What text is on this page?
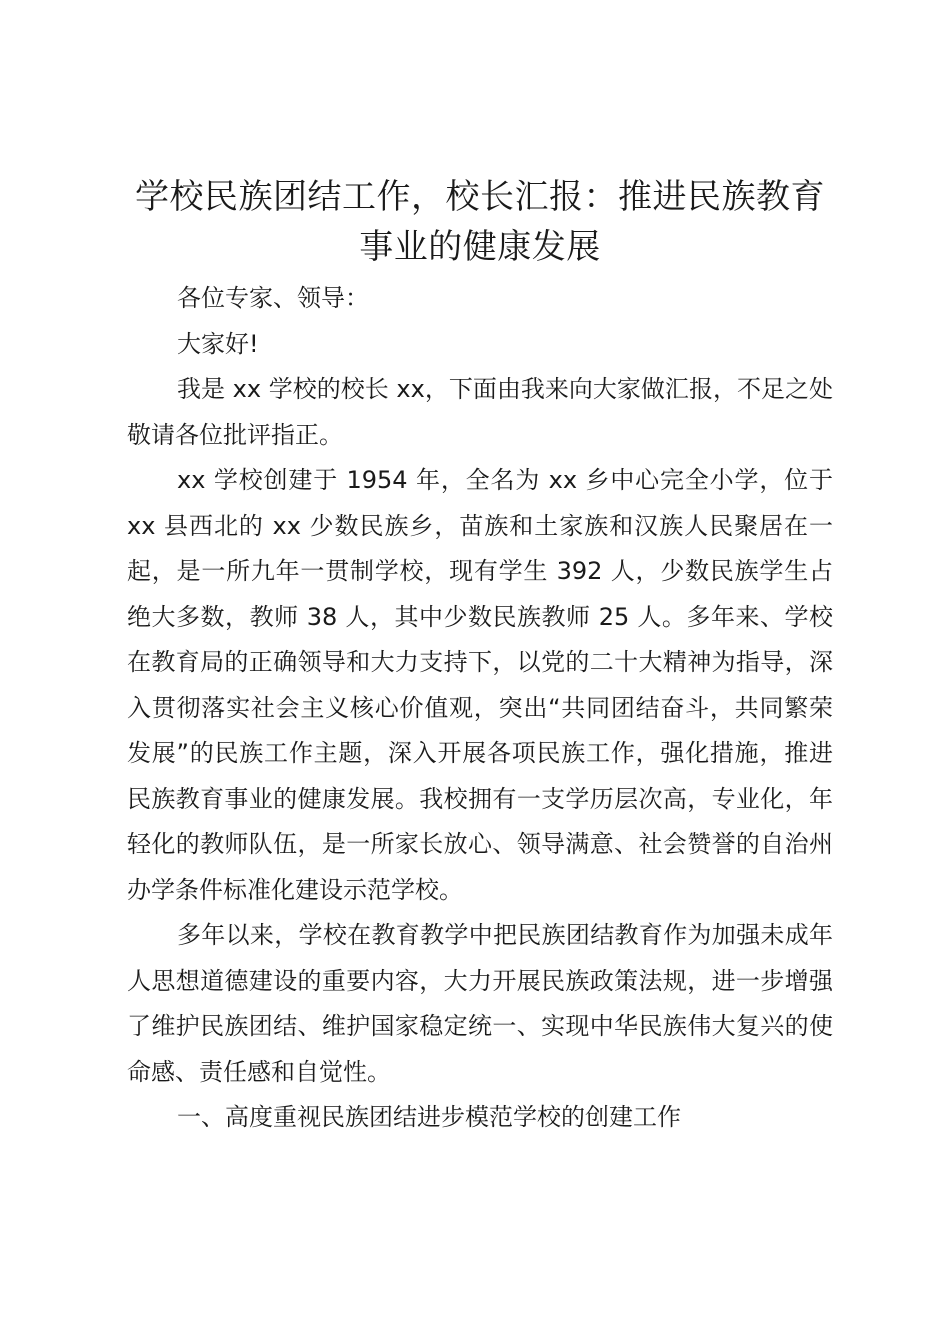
学校民族团结工作，校长汇报：推进民族教育事业的健康发展

各位专家、领导：

大家好!

我是 xx 学校的校长 xx，下面由我来向大家做汇报，不足之处敬请各位批评指正。

xx 学校创建于 1954 年，全名为 xx 乡中心完全小学，位于 xx 县西北的 xx 少数民族乡，苗族和土家族和汉族人民聚居在一起，是一所九年一贯制学校，现有学生 392 人，少数民族学生占绝大多数，教师 38 人，其中少数民族教师 25 人。多年来、学校在教育局的正确领导和大力支持下，以党的二十大精神为指导，深入贯彻落实社会主义核心价值观，突出“共同团结奋斗，共同繁荣发展”的民族工作主题，深入开展各项民族工作，强化措施，推进民族教育事业的健康发展。我校拥有一支学历层次高，专业化，年轻化的教师队伍，是一所家长放心、领导满意、社会赞誉的自治州办学条件标准化建设示范学校。

多年以来，学校在教育教学中把民族团结教育作为加强未成年人思想道德建设的重要内容，大力开展民族政策法规，进一步增强了维护民族团结、维护国家稳定统一、实现中华民族伟大复兴的使命感、责任感和自觉性。

一、高度重视民族团结进步模范学校的创建工作
